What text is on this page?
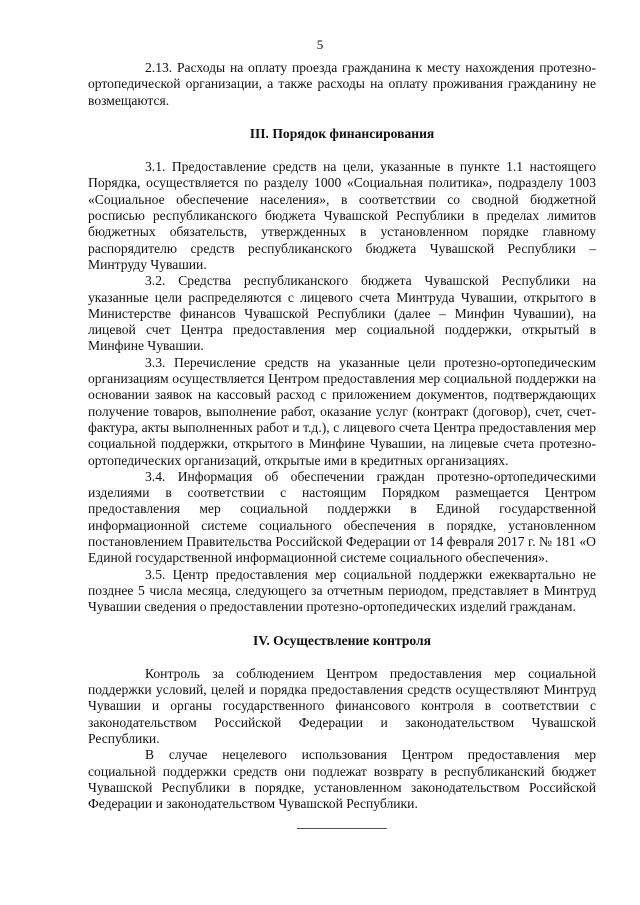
5

2.13. Расходы на оплату проезда гражданина к месту нахождения протезно-ортопедической организации, а также расходы на оплату проживания гражданину не возмещаются.

III. Порядок финансирования

3.1. Предоставление средств на цели, указанные в пункте 1.1 настоящего Порядка, осуществляется по разделу 1000 «Социальная политика», подразделу 1003 «Социальное обеспечение населения», в соответствии со сводной бюджетной росписью республиканского бюджета Чувашской Республики в пределах лимитов бюджетных обязательств, утвержденных в установленном порядке главному распорядителю средств республиканского бюджета Чувашской Республики – Минтруду Чувашии.

3.2. Средства республиканского бюджета Чувашской Республики на указанные цели распределяются с лицевого счета Минтруда Чувашии, открытого в Министерстве финансов Чувашской Республики (далее – Минфин Чувашии), на лицевой счет Центра предоставления мер социальной поддержки, открытый в Минфине Чувашии.

3.3. Перечисление средств на указанные цели протезно-ортопедическим организациям осуществляется Центром предоставления мер социальной поддержки на основании заявок на кассовый расход с приложением документов, подтверждающих получение товаров, выполнение работ, оказание услуг (контракт (договор), счет, счет-фактура, акты выполненных работ и т.д.), с лицевого счета Центра предоставления мер социальной поддержки, открытого в Минфине Чувашии, на лицевые счета протезно-ортопедических организаций, открытые ими в кредитных организациях.

3.4. Информация об обеспечении граждан протезно-ортопедическими изделиями в соответствии с настоящим Порядком размещается Центром предоставления мер социальной поддержки в Единой государственной информационной системе социального обеспечения в порядке, установленном постановлением Правительства Российской Федерации от 14 февраля 2017 г. № 181 «О Единой государственной информационной системе социального обеспечения».

3.5. Центр предоставления мер социальной поддержки ежеквартально не позднее 5 числа месяца, следующего за отчетным периодом, представляет в Минтруд Чувашии сведения о предоставлении протезно-ортопедических изделий гражданам.

IV. Осуществление контроля

Контроль за соблюдением Центром предоставления мер социальной поддержки условий, целей и порядка предоставления средств осуществляют Минтруд Чувашии и органы государственного финансового контроля в соответствии с законодательством Российской Федерации и законодательством Чувашской Республики.

В случае нецелевого использования Центром предоставления мер социальной поддержки средств они подлежат возврату в республиканский бюджет Чувашской Республики в порядке, установленном законодательством Российской Федерации и законодательством Чувашской Республики.
